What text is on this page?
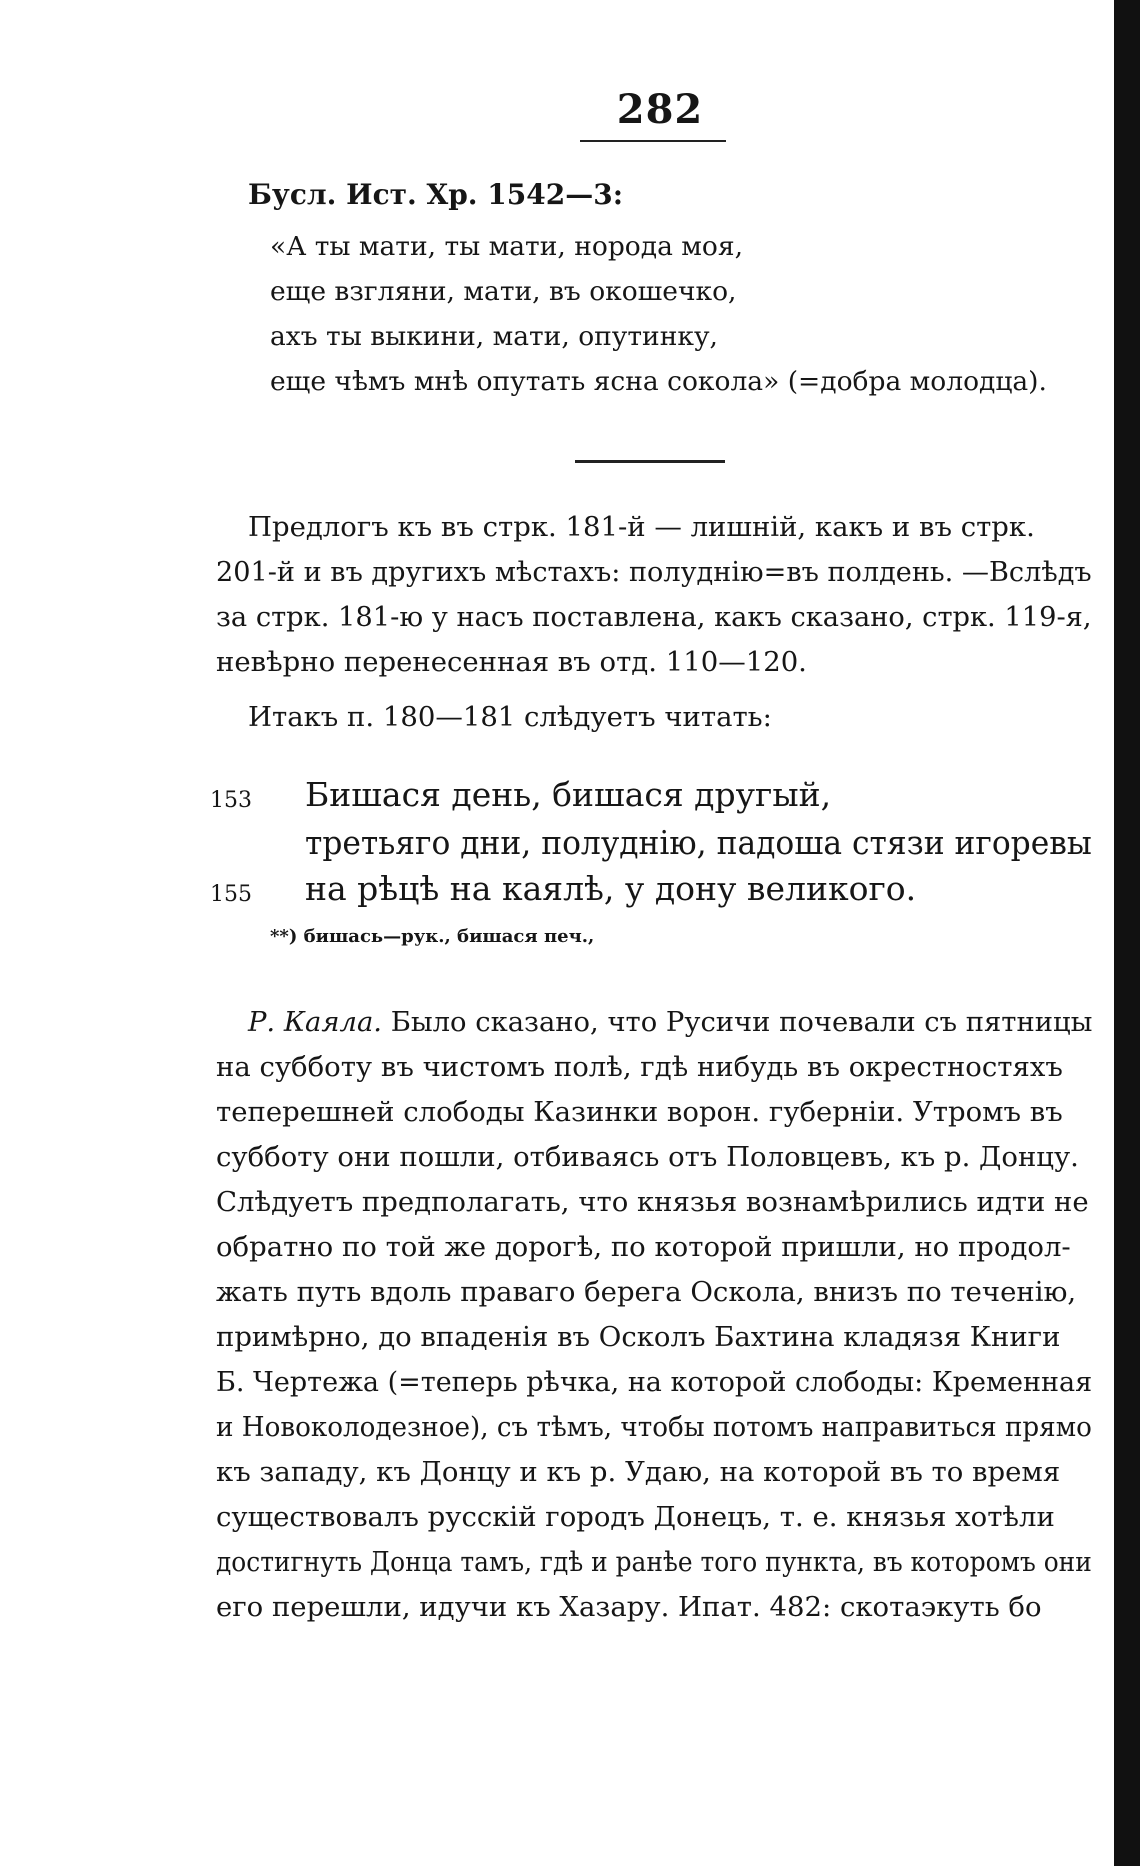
282
Бусл. Ист. Хр. 1542—3:
«А ты мати, ты мати, норода моя,
еще взгляни, мати, въ окошечко,
ахъ ты выкини, мати, опутинку,
еще чѣмъ мнѣ опутать ясна сокола» (=добра молодца).
Предлогъ къ въ стрк. 181-й — лишній, какъ и въ стрк.
201-й и въ другихъ мѣстахъ: полуднію=въ полдень. —Вслѣдъ
за стрк. 181-ю у насъ поставлена, какъ сказано, стрк. 119-я,
невѣрно перенесенная въ отд. 110—120.
Итакъ п. 180—181 слѣдуетъ читать:
153 Бишася день, бишася другый,
третьяго дни, полуднію, падоша стязи игоревы
155 на рѣцѣ на каялѣ, у дону великого.
**) бишась—рук., бишася печ.,
Р. Каяла. Было сказано, что Русичи почевали съ пятницы
на субботу въ чистомъ полѣ, гдѣ нибудь въ окрестностяхъ
теперешней слободы Казинки ворон. губерніи. Утромъ въ
субботу они пошли, отбиваясь отъ Половцевъ, къ р. Донцу.
Слѣдуетъ предполагать, что князья вознамѣрились идти не
обратно по той же дорогѣ, по которой пришли, но продол-
жать путь вдоль праваго берега Оскола, внизъ по теченію,
примѣрно, до впаденія въ Осколъ Бахтина кладязя Книги
Б. Чертежа (=теперь рѣчка, на которой слободы: Кременная
и Новоколодезное), съ тѣмъ, чтобы потомъ направиться прямо
къ западу, къ Донцу и къ р. Удаю, на которой въ то время
существовалъ русскій городъ Донецъ, т. е. князья хотѣли
достигнуть Донца тамъ, гдѣ и ранѣе того пункта, въ которомъ они
его перешли, идучи къ Хазару. Ипат. 482: скотаэкуть бо
